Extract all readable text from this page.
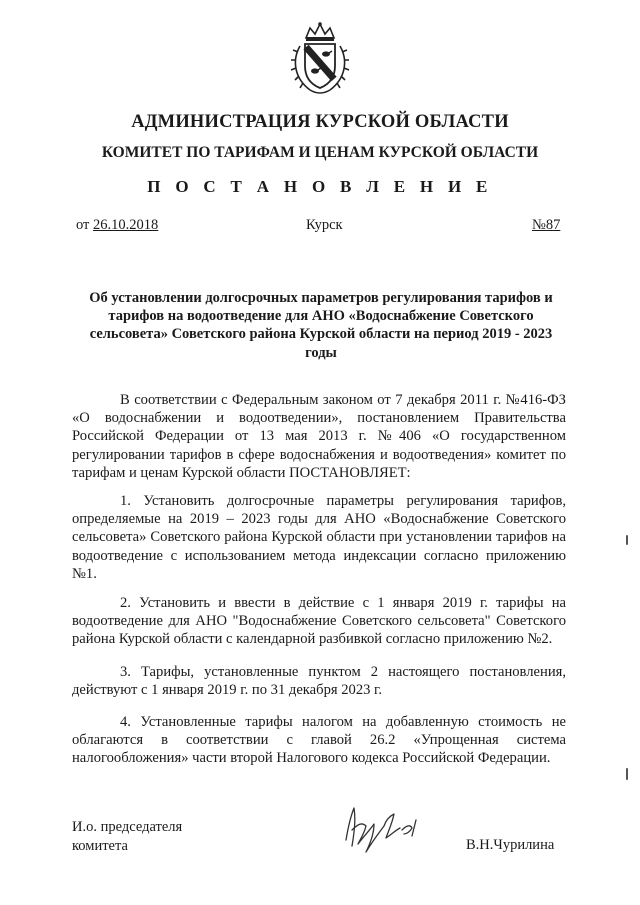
АДМИНИСТРАЦИЯ КУРСКОЙ ОБЛАСТИ
КОМИТЕТ ПО ТАРИФАМ И ЦЕНАМ КУРСКОЙ ОБЛАСТИ
П О С Т А Н О В Л Е Н И Е
от 26.10.2018	Курск	№87
Об установлении долгосрочных параметров регулирования тарифов и тарифов на водоотведение для АНО «Водоснабжение Советского сельсовета» Советского района Курской области на период 2019 - 2023 годы

В соответствии с Федеральным законом от 7 декабря 2011 г. №416-ФЗ «О водоснабжении и водоотведении», постановлением Правительства Российской Федерации от 13 мая 2013 г. №406 «О государственном регулировании тарифов в сфере водоснабжения и водоотведения» комитет по тарифам и ценам Курской области ПОСТАНОВЛЯЕТ:

1. Установить долгосрочные параметры регулирования тарифов, определяемые на 2019 – 2023 годы для АНО «Водоснабжение Советского сельсовета» Советского района Курской области при установлении тарифов на водоотведение с использованием метода индексации согласно приложению №1.

2. Установить и ввести в действие с 1 января 2019 г. тарифы на водоотведение для АНО "Водоснабжение Советского сельсовета" Советского района Курской области с календарной разбивкой согласно приложению №2.

3. Тарифы, установленные пунктом 2 настоящего постановления, действуют с 1 января 2019 г. по 31 декабря 2023 г.

4. Установленные тарифы налогом на добавленную стоимость не облагаются в соответствии с главой 26.2 «Упрощенная система налогообложения» части второй Налогового кодекса Российской Федерации.

И.о. председателя
комитета	В.Н.Чурилина
